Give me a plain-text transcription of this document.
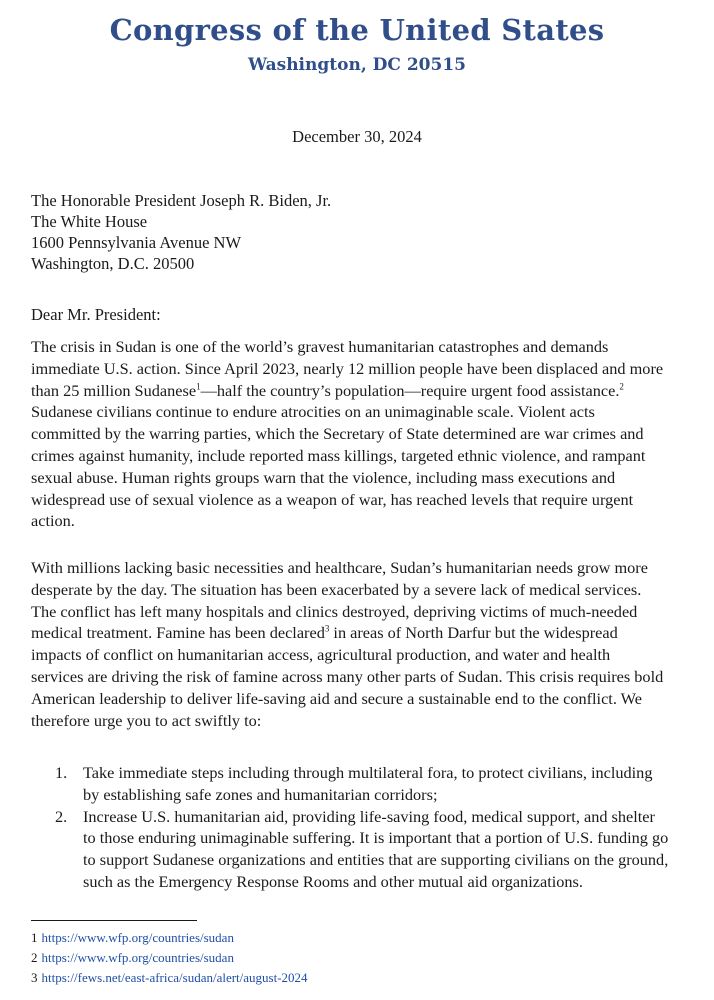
Congress of the United States
Washington, DC 20515
December 30, 2024
The Honorable President Joseph R. Biden, Jr.
The White House
1600 Pennsylvania Avenue NW
Washington, D.C. 20500
Dear Mr. President:
The crisis in Sudan is one of the world’s gravest humanitarian catastrophes and demands
immediate U.S. action. Since April 2023, nearly 12 million people have been displaced and more
than 25 million Sudanese$^1$—half the country’s population—require urgent food assistance.$^2$
Sudanese civilians continue to endure atrocities on an unimaginable scale. Violent acts
committed by the warring parties, which the Secretary of State determined are war crimes and
crimes against humanity, include reported mass killings, targeted ethnic violence, and rampant
sexual abuse. Human rights groups warn that the violence, including mass executions and
widespread use of sexual violence as a weapon of war, has reached levels that require urgent
action.
With millions lacking basic necessities and healthcare, Sudan’s humanitarian needs grow more
desperate by the day. The situation has been exacerbated by a severe lack of medical services.
The conflict has left many hospitals and clinics destroyed, depriving victims of much-needed
medical treatment. Famine has been declared$^3$ in areas of North Darfur but the widespread
impacts of conflict on humanitarian access, agricultural production, and water and health
services are driving the risk of famine across many other parts of Sudan. This crisis requires bold
American leadership to deliver life-saving aid and secure a sustainable end to the conflict. We
therefore urge you to act swiftly to:
1. Take immediate steps including through multilateral fora, to protect civilians, including
by establishing safe zones and humanitarian corridors;
2. Increase U.S. humanitarian aid, providing life-saving food, medical support, and shelter
to those enduring unimaginable suffering. It is important that a portion of U.S. funding go
to support Sudanese organizations and entities that are supporting civilians on the ground,
such as the Emergency Response Rooms and other mutual aid organizations.
1 https://www.wfp.org/countries/sudan
2 https://www.wfp.org/countries/sudan
3 https://fews.net/east-africa/sudan/alert/august-2024
